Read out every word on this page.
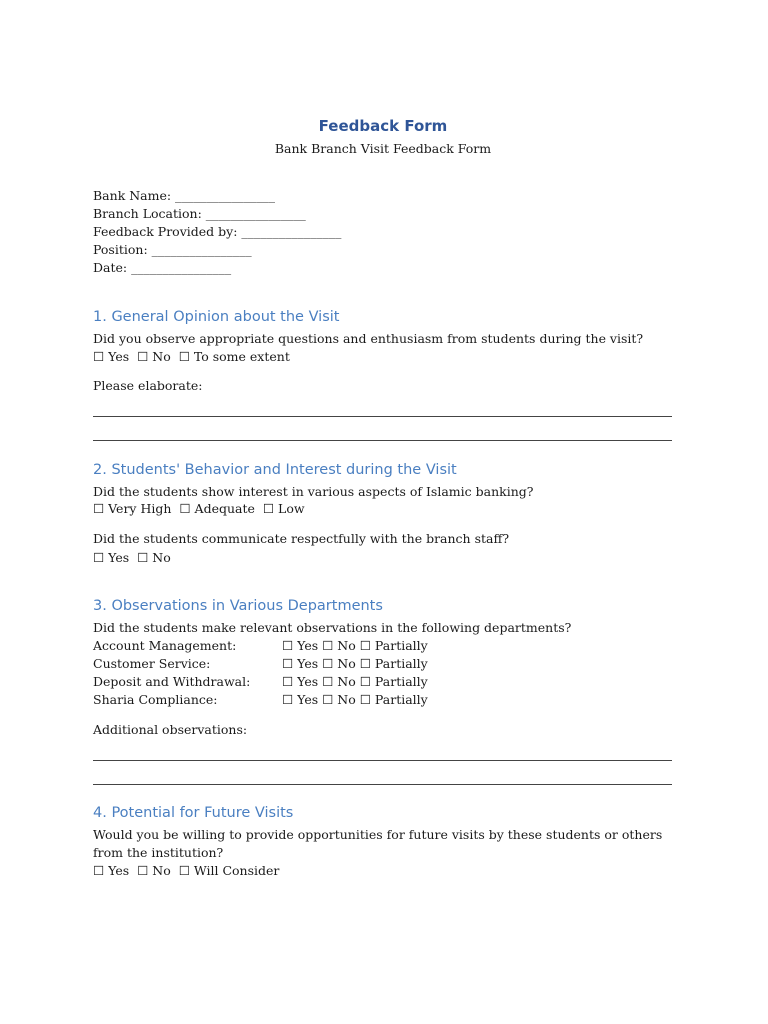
Feedback Form
Bank Branch Visit Feedback Form
Bank Name: ________________
Branch Location: ________________
Feedback Provided by: ________________
Position: ________________
Date: ________________
1. General Opinion about the Visit
Did you observe appropriate questions and enthusiasm from students during the visit?
☐ Yes  ☐ No  ☐ To some extent
Please elaborate:
2. Students' Behavior and Interest during the Visit
Did the students show interest in various aspects of Islamic banking?
☐ Very High  ☐ Adequate  ☐ Low
Did the students communicate respectfully with the branch staff?
☐ Yes  ☐ No
3. Observations in Various Departments
Did the students make relevant observations in the following departments?
Account Management:	☐ Yes ☐ No ☐ Partially
Customer Service:	☐ Yes ☐ No ☐ Partially
Deposit and Withdrawal:	☐ Yes ☐ No ☐ Partially
Sharia Compliance:	☐ Yes ☐ No ☐ Partially
Additional observations:
4. Potential for Future Visits
Would you be willing to provide opportunities for future visits by these students or others from the institution?
☐ Yes  ☐ No  ☐ Will Consider
